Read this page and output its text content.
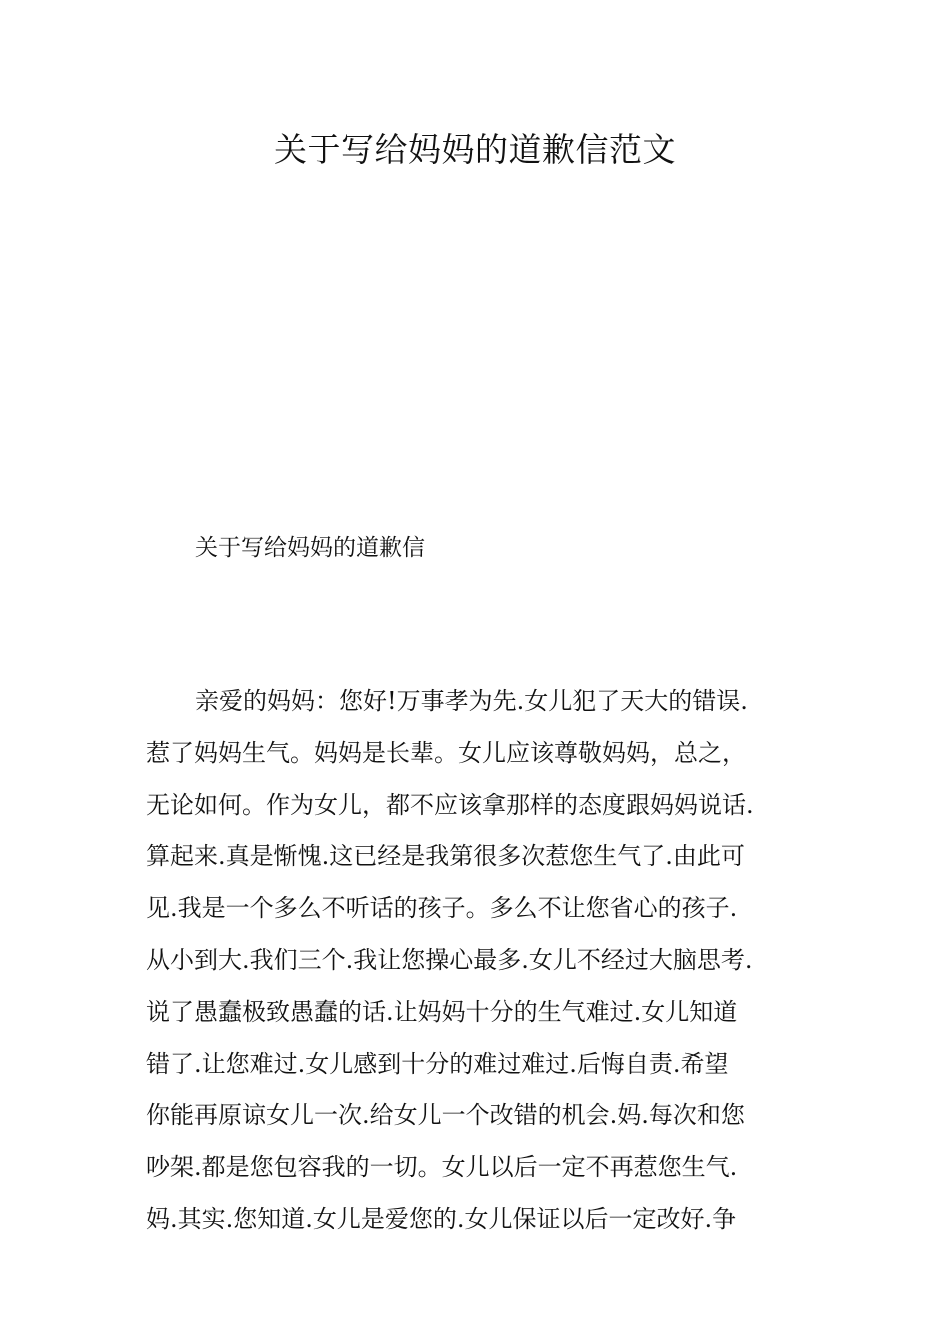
关于写给妈妈的道歉信范文

关于写给妈妈的道歉信

亲爱的妈妈：您好!万事孝为先.女儿犯了天大的错误.
惹了妈妈生气。妈妈是长辈。女儿应该尊敬妈妈，总之，
无论如何。作为女儿，都不应该拿那样的态度跟妈妈说话.
算起来.真是惭愧.这已经是我第很多次惹您生气了.由此可
见.我是一个多么不听话的孩子。多么不让您省心的孩子.
从小到大.我们三个.我让您操心最多.女儿不经过大脑思考.
说了愚蠢极致愚蠢的话.让妈妈十分的生气难过.女儿知道
错了.让您难过.女儿感到十分的难过难过.后悔自责.希望
你能再原谅女儿一次.给女儿一个改错的机会.妈.每次和您
吵架.都是您包容我的一切。女儿以后一定不再惹您生气.
妈.其实.您知道.女儿是爱您的.女儿保证以后一定改好.争
